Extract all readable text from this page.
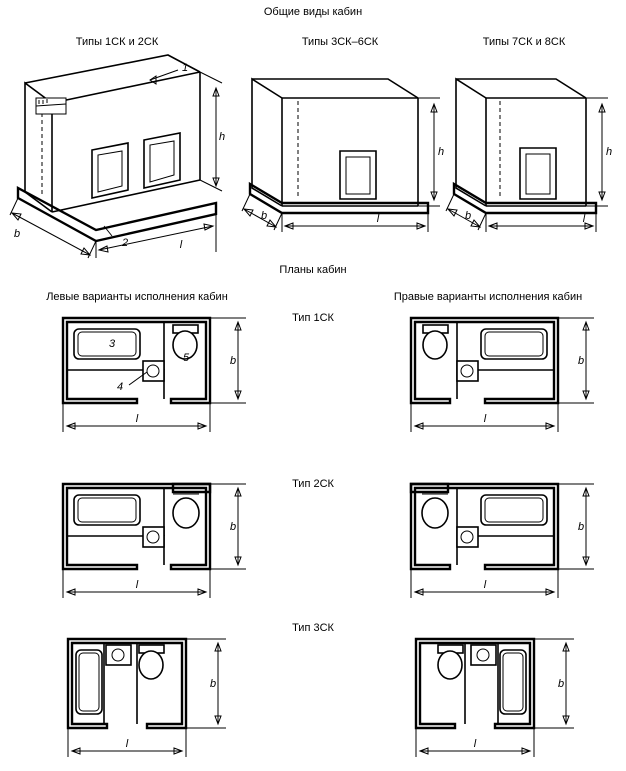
Общие виды кабин
Планы кабин
Типы 1СК и 2СК	Типы 3СК–6СК	Типы 7СК и 8СК
1
2
h
b
l
h
b	l
h
b	l
Левые варианты исполнения кабин	Правые варианты исполнения кабин
Тип 1СК
Тип 2СК
Тип 3СК
3
4
5	b
l
b
l
b
l
b
l
b
l
b
l
